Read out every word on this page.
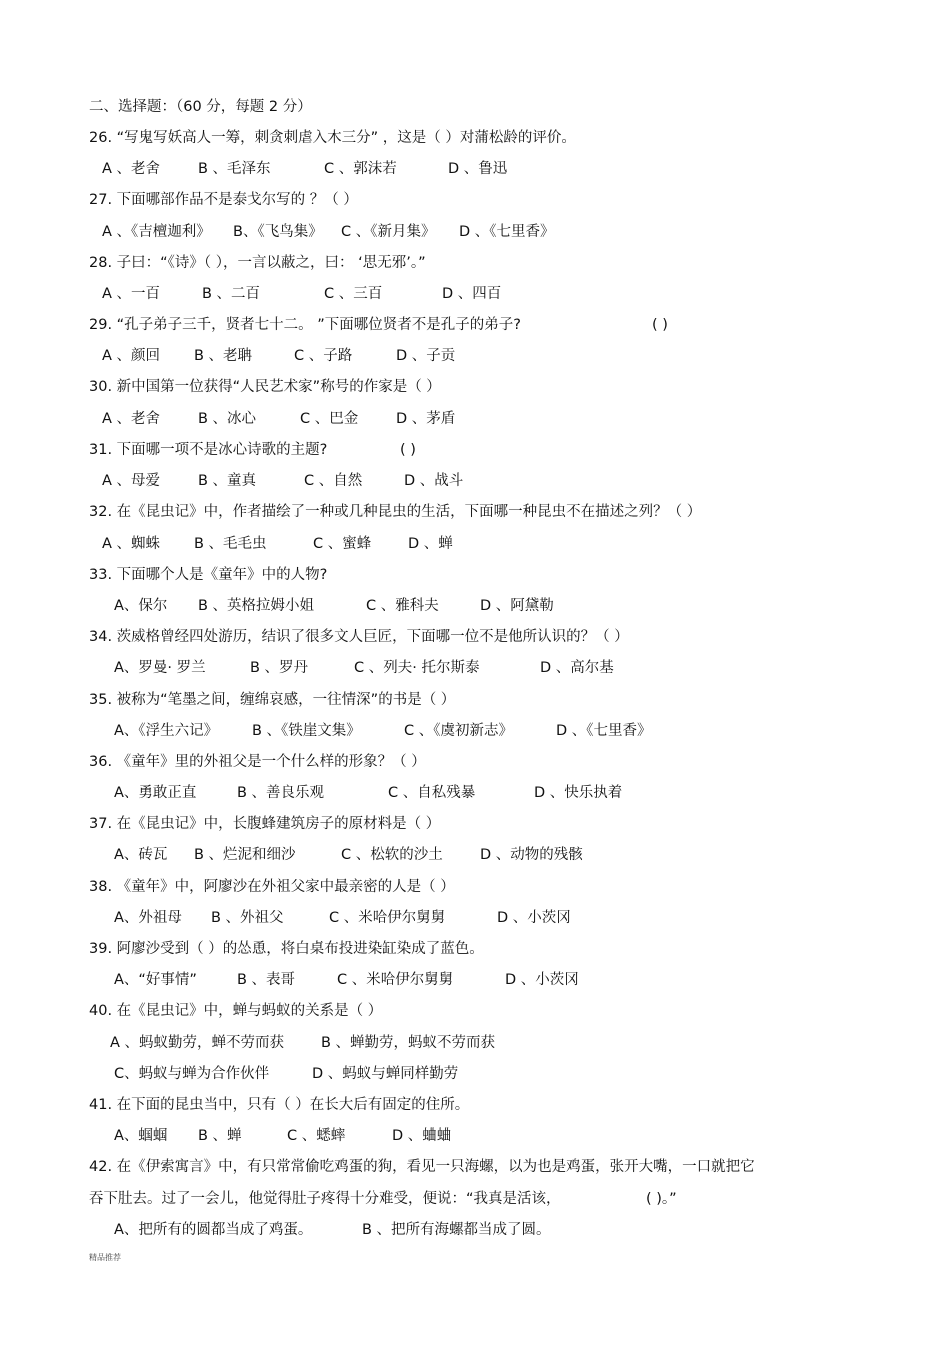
二、选择题：（60 分，每题 2 分）
26. “写鬼写妖高人一筹，刺贪刺虐入木三分” ，这是（ ）对蒲松龄的评价。
A 、老舍	B 、毛泽东	C 、郭沫若	D 、鲁迅
27. 下面哪部作品不是泰戈尔写的 ？（ ）
A 、《吉檀迦利》 B、《飞鸟集》 C 、《新月集》 D 、《七里香》
28. 子曰：“《诗》（ ），一言以蔽之，曰： ‘思无邪’。”
A 、一百	B 、二百	C 、三百	D 、四百
29. “孔子弟子三千，贤者七十二。 ”下面哪位贤者不是孔子的弟子?	( )
A 、颜回 B 、老聃	C 、子路	D 、子贡
30. 新中国第一位获得“人民艺术家”称号的作家是（ ）
A 、老舍	B 、冰心	C 、巴金	D 、茅盾
31. 下面哪一项不是冰心诗歌的主题?	( )
A 、母爱	B 、童真	C 、自然	D 、战斗
32. 在《昆虫记》中，作者描绘了一种或几种昆虫的生活，下面哪一种昆虫不在描述之列？（ ）
A 、蜘蛛 B 、毛毛虫	C 、蜜蜂	D 、蝉
33. 下面哪个人是《童年》中的人物?
A、保尔 B 、英格拉姆小姐	C 、雅科夫	D 、阿黛勒
34. 茨威格曾经四处游历，结识了很多文人巨匠，下面哪一位不是他所认识的？（ ）
A、罗曼· 罗兰	B 、罗丹	C 、列夫· 托尔斯泰	D 、高尔基
35. 被称为“笔墨之间，缠绵哀感，一往情深”的书是（ ）
A、《浮生六记》 B 、《铁崖文集》	C 、《虞初新志》	D 、《七里香》
36. 《童年》里的外祖父是一个什么样的形象？（ ）
A、勇敢正直	B 、善良乐观	C 、自私残暴	D 、快乐执着
37. 在《昆虫记》中，长腹蜂建筑房子的原材料是（ ）
A、砖瓦 B 、烂泥和细沙	C 、松软的沙土	D 、动物的残骸
38. 《童年》中，阿廖沙在外祖父家中最亲密的人是（ ）
A、外祖母 B 、外祖父	C 、米哈伊尔舅舅	D 、小茨冈
39. 阿廖沙受到（ ）的怂恿，将白桌布投进染缸染成了蓝色。
A、“好事情”	B 、表哥	C 、米哈伊尔舅舅	D 、小茨冈
40. 在《昆虫记》中，蝉与蚂蚁的关系是（ ）
A 、蚂蚁勤劳，蝉不劳而获	B 、蝉勤劳，蚂蚁不劳而获
C、蚂蚁与蝉为合作伙伴	D 、蚂蚁与蝉同样勤劳
41. 在下面的昆虫当中，只有（ ）在长大后有固定的住所。
A、蝈蝈 B 、蝉	C 、蟋蟀	D 、蛐蛐
42. 在《伊索寓言》中，有只常常偷吃鸡蛋的狗，看见一只海螺，以为也是鸡蛋，张开大嘴，一口就把它
吞下肚去。过了一会儿，他觉得肚子疼得十分难受，便说：“我真是活该，	( )。”
A、把所有的圆都当成了鸡蛋。	B 、把所有海螺都当成了圆。
精品推荐
